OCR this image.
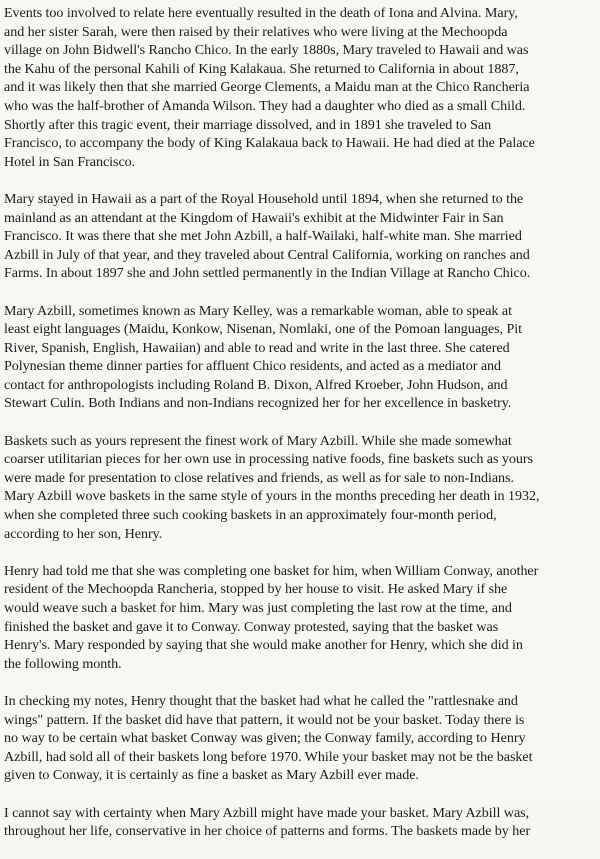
Events too involved to relate here eventually resulted in the death of Iona and Alvina. Mary,
and her sister Sarah, were then raised by their relatives who were living at the Mechoopda
village on John Bidwell's Rancho Chico. In the early 1880s, Mary traveled to Hawaii and was
the Kahu of the personal Kahili of King Kalakaua. She returned to California in about 1887,
and it was likely then that she married George Clements, a Maidu man at the Chico Rancheria
who was the half-brother of Amanda Wilson. They had a daughter who died as a small Child.
Shortly after this tragic event, their marriage dissolved, and in 1891 she traveled to San
Francisco, to accompany the body of King Kalakaua back to Hawaii. He had died at the Palace
Hotel in San Francisco.

Mary stayed in Hawaii as a part of the Royal Household until 1894, when she returned to the
mainland as an attendant at the Kingdom of Hawaii's exhibit at the Midwinter Fair in San
Francisco. It was there that she met John Azbill, a half-Wailaki, half-white man. She married
Azbill in July of that year, and they traveled about Central California, working on ranches and
Farms. In about 1897 she and John settled permanently in the Indian Village at Rancho Chico.

Mary Azbill, sometimes known as Mary Kelley, was a remarkable woman, able to speak at
least eight languages (Maidu, Konkow, Nisenan, Nomlaki, one of the Pomoan languages, Pit
River, Spanish, English, Hawaiian) and able to read and write in the last three. She catered
Polynesian theme dinner parties for affluent Chico residents, and acted as a mediator and
contact for anthropologists including Roland B. Dixon, Alfred Kroeber, John Hudson, and
Stewart Culin. Both Indians and non-Indians recognized her for her excellence in basketry.

Baskets such as yours represent the finest work of Mary Azbill. While she made somewhat
coarser utilitarian pieces for her own use in processing native foods, fine baskets such as yours
were made for presentation to close relatives and friends, as well as for sale to non-Indians.
Mary Azbill wove baskets in the same style of yours in the months preceding her death in 1932,
when she completed three such cooking baskets in an approximately four-month period,
according to her son, Henry.

Henry had told me that she was completing one basket for him, when William Conway, another
resident of the Mechoopda Rancheria, stopped by her house to visit. He asked Mary if she
would weave such a basket for him. Mary was just completing the last row at the time, and
finished the basket and gave it to Conway. Conway protested, saying that the basket was
Henry's. Mary responded by saying that she would make another for Henry, which she did in
the following month.

In checking my notes, Henry thought that the basket had what he called the "rattlesnake and
wings" pattern. If the basket did have that pattern, it would not be your basket. Today there is
no way to be certain what basket Conway was given; the Conway family, according to Henry
Azbill, had sold all of their baskets long before 1970. While your basket may not be the basket
given to Conway, it is certainly as fine a basket as Mary Azbill ever made.

I cannot say with certainty when Mary Azbill might have made your basket. Mary Azbill was,
throughout her life, conservative in her choice of patterns and forms. The baskets made by her
